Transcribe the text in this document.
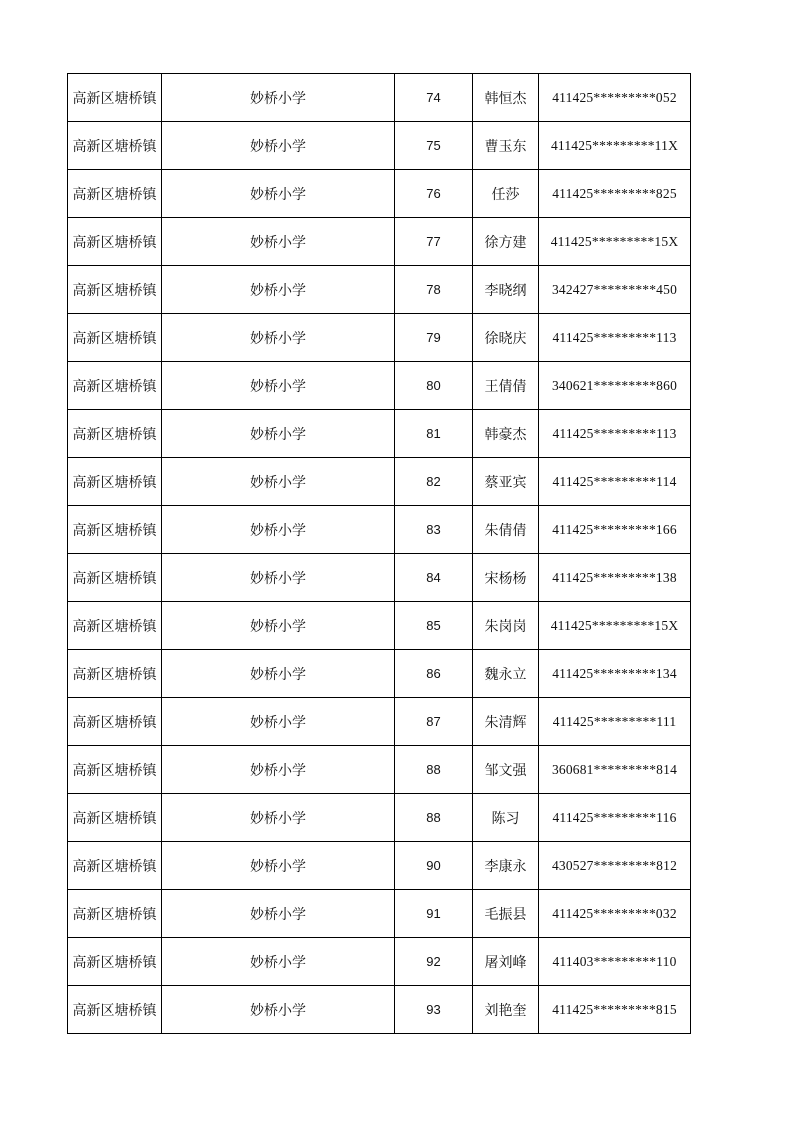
高新区塘桥镇	妙桥小学	74	韩恒杰	411425*********052
高新区塘桥镇	妙桥小学	75	曹玉东	411425*********11X
高新区塘桥镇	妙桥小学	76	任莎	411425*********825
高新区塘桥镇	妙桥小学	77	徐方建	411425*********15X
高新区塘桥镇	妙桥小学	78	李晓纲	342427*********450
高新区塘桥镇	妙桥小学	79	徐晓庆	411425*********113
高新区塘桥镇	妙桥小学	80	王倩倩	340621*********860
高新区塘桥镇	妙桥小学	81	韩豪杰	411425*********113
高新区塘桥镇	妙桥小学	82	蔡亚宾	411425*********114
高新区塘桥镇	妙桥小学	83	朱倩倩	411425*********166
高新区塘桥镇	妙桥小学	84	宋杨杨	411425*********138
高新区塘桥镇	妙桥小学	85	朱岗岗	411425*********15X
高新区塘桥镇	妙桥小学	86	魏永立	411425*********134
高新区塘桥镇	妙桥小学	87	朱清辉	411425*********111
高新区塘桥镇	妙桥小学	88	邹文强	360681*********814
高新区塘桥镇	妙桥小学	88	陈习	411425*********116
高新区塘桥镇	妙桥小学	90	李康永	430527*********812
高新区塘桥镇	妙桥小学	91	毛振县	411425*********032
高新区塘桥镇	妙桥小学	92	屠刘峰	411403*********110
高新区塘桥镇	妙桥小学	93	刘艳奎	411425*********815
